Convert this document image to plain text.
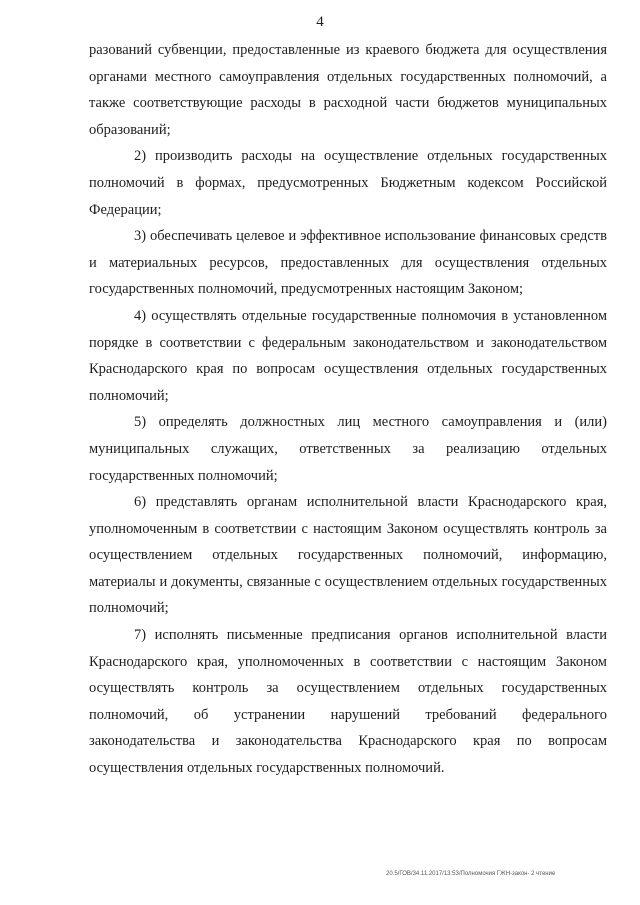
4

разований субвенции, предоставленные из краевого бюджета для осуществления органами местного самоуправления отдельных государственных полномочий, а также соответствующие расходы в расходной части бюджетов муниципальных образований;

2) производить расходы на осуществление отдельных государственных полномочий в формах, предусмотренных Бюджетным кодексом Российской Федерации;

3) обеспечивать целевое и эффективное использование финансовых средств и материальных ресурсов, предоставленных для осуществления отдельных государственных полномочий, предусмотренных настоящим Законом;

4) осуществлять отдельные государственные полномочия в установленном порядке в соответствии с федеральным законодательством и законодательством Краснодарского края по вопросам осуществления отдельных государственных полномочий;

5) определять должностных лиц местного самоуправления и (или) муниципальных служащих, ответственных за реализацию отдельных государственных полномочий;

6) представлять органам исполнительной власти Краснодарского края, уполномоченным в соответствии с настоящим Законом осуществлять контроль за осуществлением отдельных государственных полномочий, информацию, материалы и документы, связанные с осуществлением отдельных государственных полномочий;

7) исполнять письменные предписания органов исполнительной власти Краснодарского края, уполномоченных в соответствии с настоящим Законом осуществлять контроль за осуществлением отдельных государственных полномочий, об устранении нарушений требований федерального законодательства и законодательства Краснодарского края по вопросам осуществления отдельных государственных полномочий.

20.5/ГОВ/34.11.2017/13:53/Полномочия ГЖН-закон- 2 чтение
